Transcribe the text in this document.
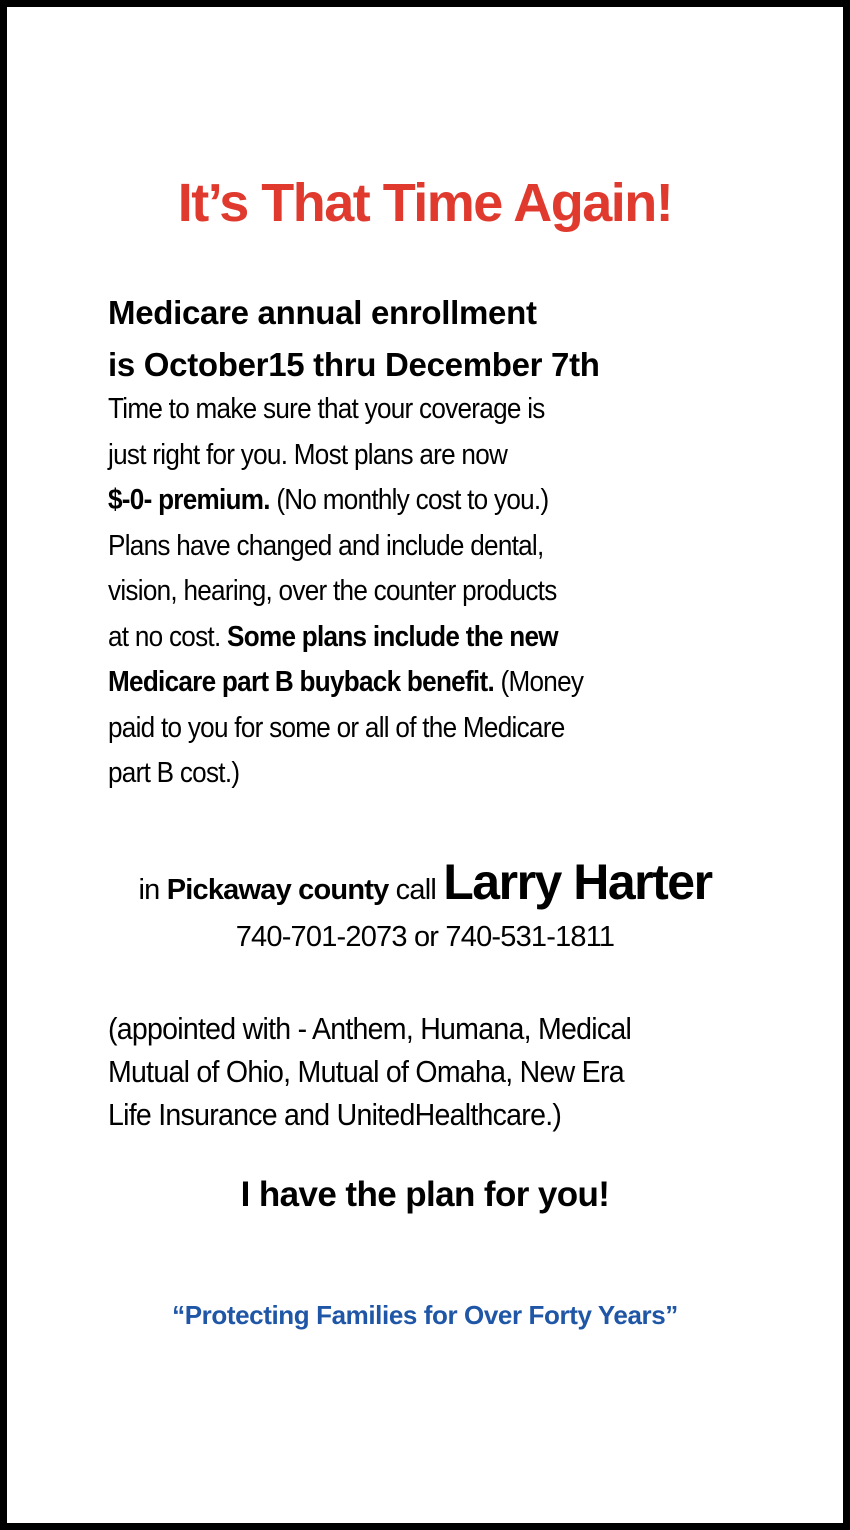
It’s That Time Again!
Medicare annual enrollment
is October15 thru December 7th
Time to make sure that your coverage is
just right for you. Most plans are now
$-0- premium. (No monthly cost to you.)
Plans have changed and include dental,
vision, hearing, over the counter products
at no cost. Some plans include the new
Medicare part B buyback benefit. (Money
paid to you for some or all of the Medicare
part B cost.)
in Pickaway county call Larry Harter
740-701-2073 or 740-531-1811
(appointed with - Anthem, Humana, Medical
Mutual of Ohio, Mutual of Omaha, New Era
Life Insurance and UnitedHealthcare.)
I have the plan for you!
“Protecting Families for Over Forty Years”
